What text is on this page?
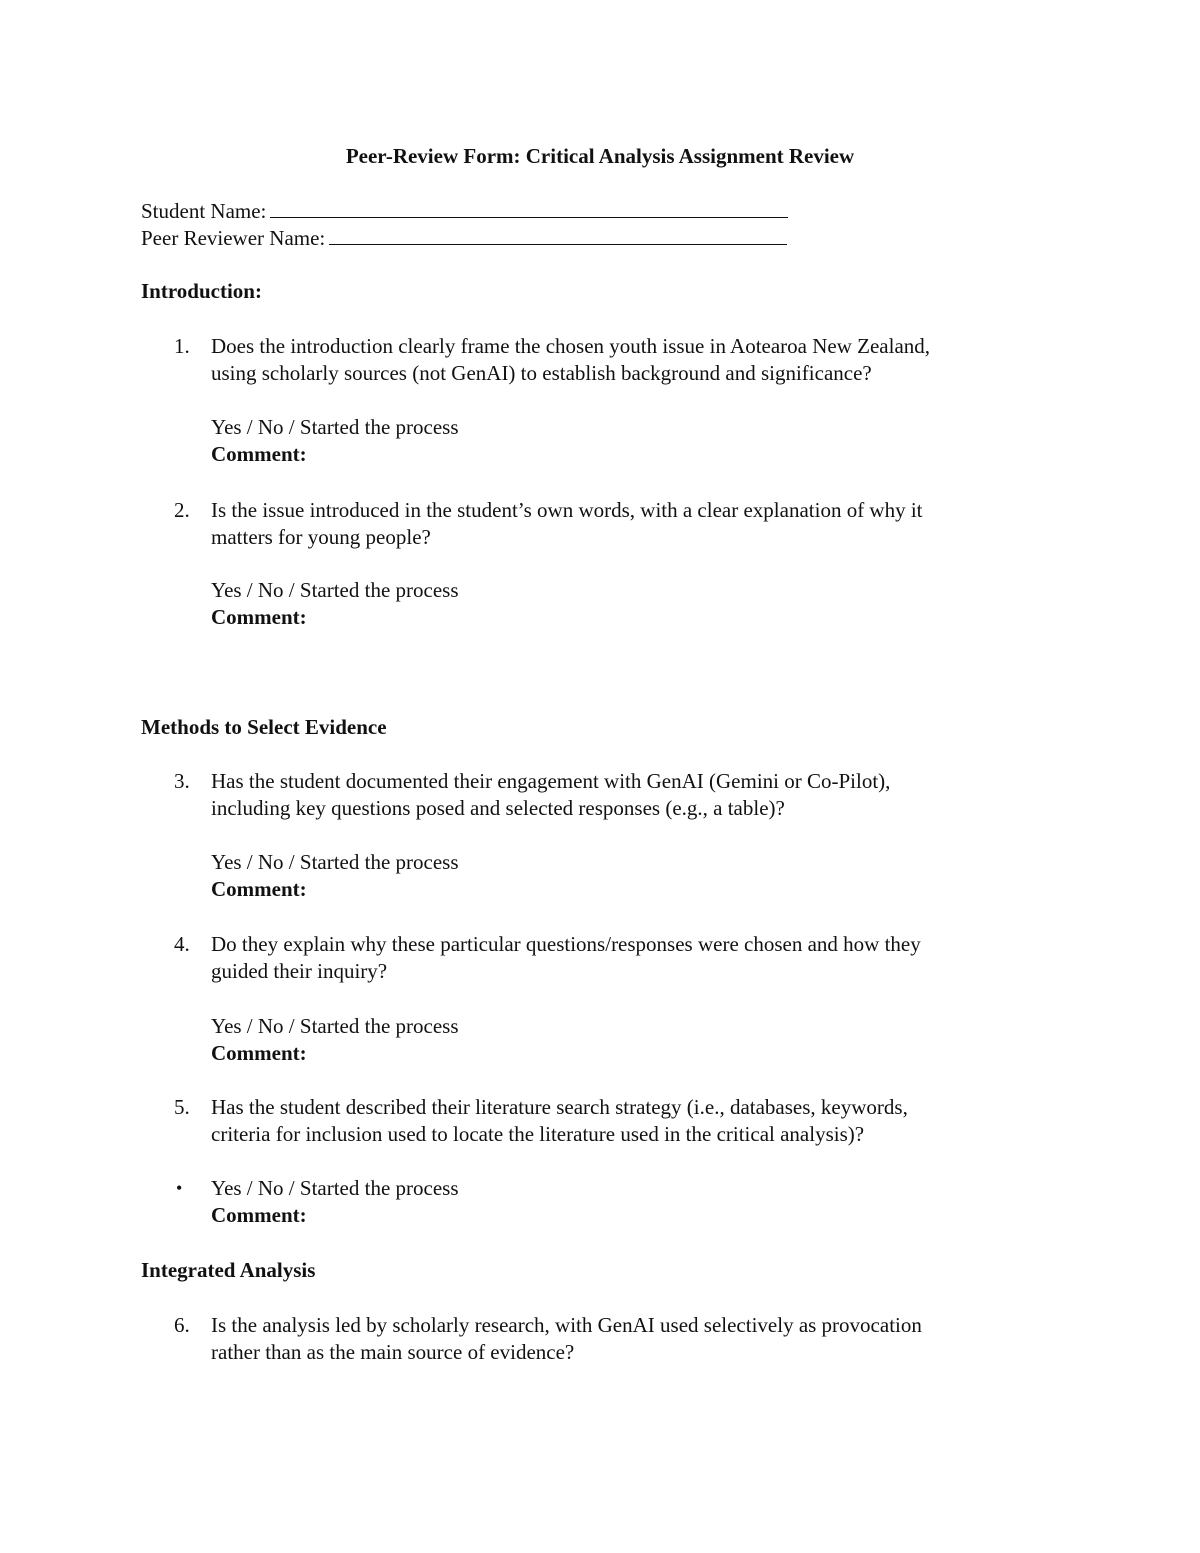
Peer-Review Form: Critical Analysis Assignment Review
Student Name:
Peer Reviewer Name:
Introduction:
1. Does the introduction clearly frame the chosen youth issue in Aotearoa New Zealand,
using scholarly sources (not GenAI) to establish background and significance?
Yes / No / Started the process
Comment:
2. Is the issue introduced in the student’s own words, with a clear explanation of why it
matters for young people?
Yes / No / Started the process
Comment:
Methods to Select Evidence
3. Has the student documented their engagement with GenAI (Gemini or Co-Pilot),
including key questions posed and selected responses (e.g., a table)?
Yes / No / Started the process
Comment:
4. Do they explain why these particular questions/responses were chosen and how they
guided their inquiry?
Yes / No / Started the process
Comment:
5. Has the student described their literature search strategy (i.e., databases, keywords,
criteria for inclusion used to locate the literature used in the critical analysis)?
• Yes / No / Started the process
Comment:
Integrated Analysis
6. Is the analysis led by scholarly research, with GenAI used selectively as provocation
rather than as the main source of evidence?
